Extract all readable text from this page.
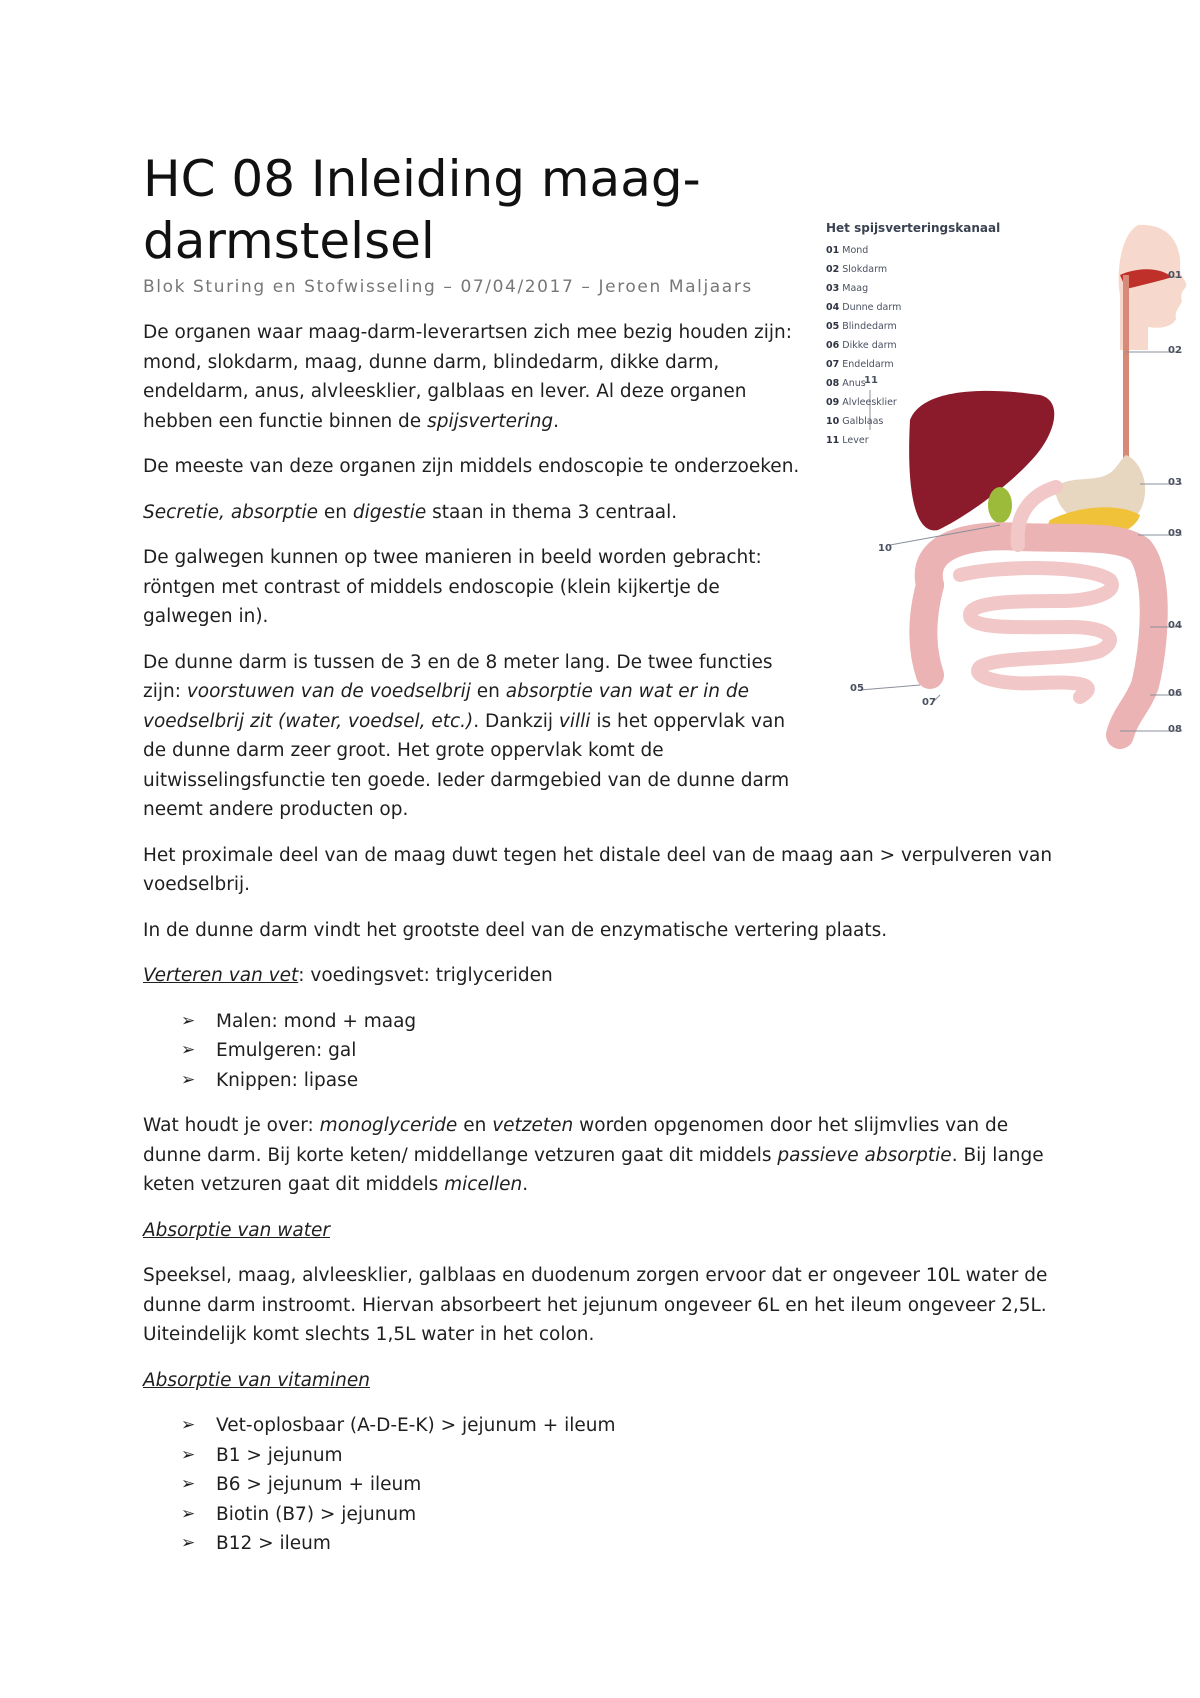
HC 08 Inleiding maag-
darmstelsel
Blok Sturing en Stofwisseling – 07/04/2017 – Jeroen Maljaars

De organen waar maag-darm-leverartsen zich mee bezig houden zijn: mond, slokdarm, maag, dunne darm, blindedarm, dikke darm, endeldarm, anus, alvleesklier, galblaas en lever. Al deze organen hebben een functie binnen de spijsvertering.

De meeste van deze organen zijn middels endoscopie te onderzoeken.

Secretie, absorptie en digestie staan in thema 3 centraal.

De galwegen kunnen op twee manieren in beeld worden gebracht: röntgen met contrast of middels endoscopie (klein kijkertje de galwegen in).

De dunne darm is tussen de 3 en de 8 meter lang. De twee functies zijn: voorstuwen van de voedselbrij en absorptie van wat er in de voedselbrij zit (water, voedsel, etc.). Dankzij villi is het oppervlak van de dunne darm zeer groot. Het grote oppervlak komt de uitwisselingsfunctie ten goede. Ieder darmgebied van de dunne darm neemt andere producten op.

Het proximale deel van de maag duwt tegen het distale deel van de maag aan > verpulveren van voedselbrij.

In de dunne darm vindt het grootste deel van de enzymatische vertering plaats.

Verteren van vet: voedingsvet: triglyceriden

➢ Malen: mond + maag
➢ Emulgeren: gal
➢ Knippen: lipase

Wat houdt je over: monoglyceride en vetzeten worden opgenomen door het slijmvlies van de dunne darm. Bij korte keten/ middellange vetzuren gaat dit middels passieve absorptie. Bij lange keten vetzuren gaat dit middels micellen.

Absorptie van water

Speeksel, maag, alvleesklier, galblaas en duodenum zorgen ervoor dat er ongeveer 10L water de dunne darm instroomt. Hiervan absorbeert het jejunum ongeveer 6L en het ileum ongeveer 2,5L. Uiteindelijk komt slechts 1,5L water in het colon.

Absorptie van vitaminen

➢ Vet-oplosbaar (A-D-E-K) > jejunum + ileum
➢ B1 > jejunum
➢ B6 > jejunum + ileum
➢ Biotin (B7) > jejunum
➢ B12 > ileum
Het spijsverteringskanaal
01 Mond
02 Slokdarm
03 Maag
04 Dunne darm
05 Blindedarm
06 Dikke darm
07 Endeldarm
08 Anus
09 Alvleesklier
10 Galblaas
11 Lever
01
02
03
09
04
06
08
11
10
05
07
